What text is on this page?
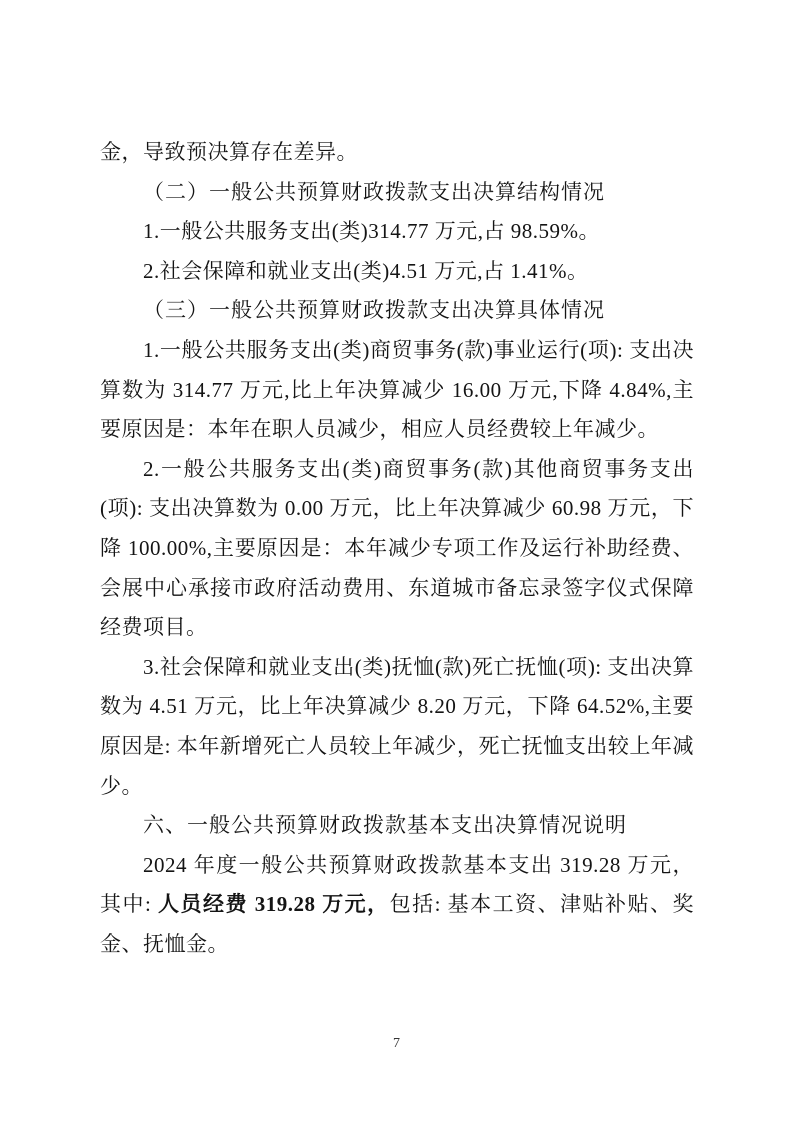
金，导致预决算存在差异。

（二）一般公共预算财政拨款支出决算结构情况

1.一般公共服务支出(类)314.77 万元,占 98.59%。

2.社会保障和就业支出(类)4.51 万元,占 1.41%。

（三）一般公共预算财政拨款支出决算具体情况

1.一般公共服务支出(类)商贸事务(款)事业运行(项): 支出决算数为 314.77 万元,比上年决算减少 16.00 万元,下降 4.84%,主要原因是：本年在职人员减少，相应人员经费较上年减少。

2.一般公共服务支出(类)商贸事务(款)其他商贸事务支出(项): 支出决算数为 0.00 万元，比上年决算减少 60.98 万元，下降 100.00%,主要原因是：本年减少专项工作及运行补助经费、会展中心承接市政府活动费用、东道城市备忘录签字仪式保障经费项目。

3.社会保障和就业支出(类)抚恤(款)死亡抚恤(项): 支出决算数为 4.51 万元，比上年决算减少 8.20 万元，下降 64.52%,主要原因是: 本年新增死亡人员较上年减少，死亡抚恤支出较上年减少。

六、一般公共预算财政拨款基本支出决算情况说明

2024 年度一般公共预算财政拨款基本支出 319.28 万元，其中: 人员经费 319.28 万元，包括: 基本工资、津贴补贴、奖金、抚恤金。

7
